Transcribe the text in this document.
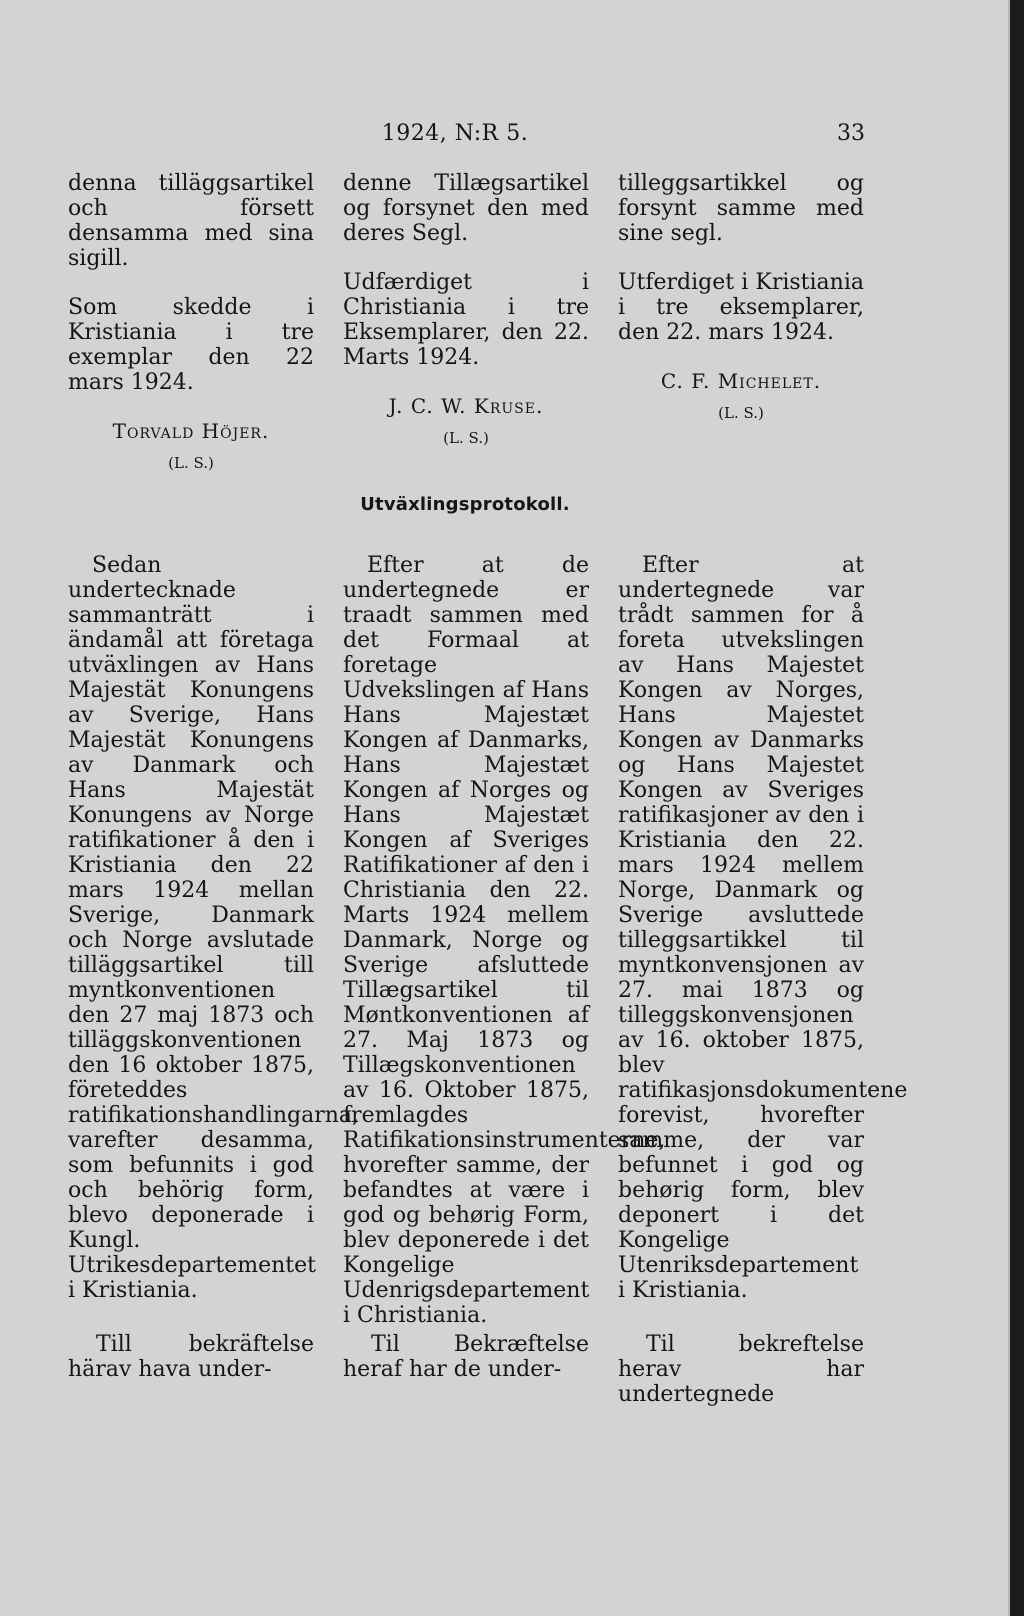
1924, N:R 5.	33

denna tilläggsartikel och försett densamma med sina sigill.

Som skedde i Kristiania i tre exemplar den 22 mars 1924.

Torvald Höjer.
(L. S.)

denne Tillægsartikel og forsynet den med deres Segl.

Udfærdiget i Christiania i tre Eksemplarer, den 22. Marts 1924.

J. C. W. Kruse.
(L. S.)

tilleggsartikkel og forsynt samme med sine segl.

Utferdiget i Kristiania i tre eksemplarer, den 22. mars 1924.

C. F. Michelet.
(L. S.)
Utväxlingsprotokoll.
Sedan undertecknade sammanträtt i ändamål att företaga utväxlingen av Hans Majestät Konungens av Sverige, Hans Majestät Konungens av Danmark och Hans Majestät Konungens av Norge ratifikationer å den i Kristiania den 22 mars 1924 mellan Sverige, Danmark och Norge avslutade tilläggsartikel till myntkonventionen den 27 maj 1873 och tilläggskonventionen den 16 oktober 1875, företeddes ratifikationshandlingarna, varefter desamma, som befunnits i god och behörig form, blevo deponerade i Kungl. Utrikesdepartementet i Kristiania.
Efter at de undertegnede er traadt sammen med det Formaal at foretage Udvekslingen af Hans Hans Majestæt Kongen af Danmarks, Hans Majestæt Kongen af Norges og Hans Majestæt Kongen af Sveriges Ratifikationer af den i Christiania den 22. Marts 1924 mellem Danmark, Norge og Sverige afsluttede Tillægsartikel til Møntkonventionen af 27. Maj 1873 og Tillægskonventionen av 16. Oktober 1875, fremlagdes Ratifikationsinstrumenterne, hvorefter samme, der befandtes at være i god og behørig Form, blev deponerede i det Kongelige Udenrigsdepartement i Christiania.
Efter at undertegnede var trådt sammen for å foreta utvekslingen av Hans Majestet Kongen av Norges, Hans Majestet Kongen av Danmarks og Hans Majestet Kongen av Sveriges ratifikasjoner av den i Kristiania den 22. mars 1924 mellem Norge, Danmark og Sverige avsluttede tilleggsartikkel til myntkonvensjonen av 27. mai 1873 og tilleggskonvensjonen av 16. oktober 1875, blev ratifikasjonsdokumentene forevist, hvorefter samme, der var befunnet i god og behørig form, blev deponert i det Kongelige Utenriksdepartement i Kristiania.
Till bekräftelse härav hava under-
Til Bekræftelse heraf har de under-
Til bekreftelse herav har undertegnede
